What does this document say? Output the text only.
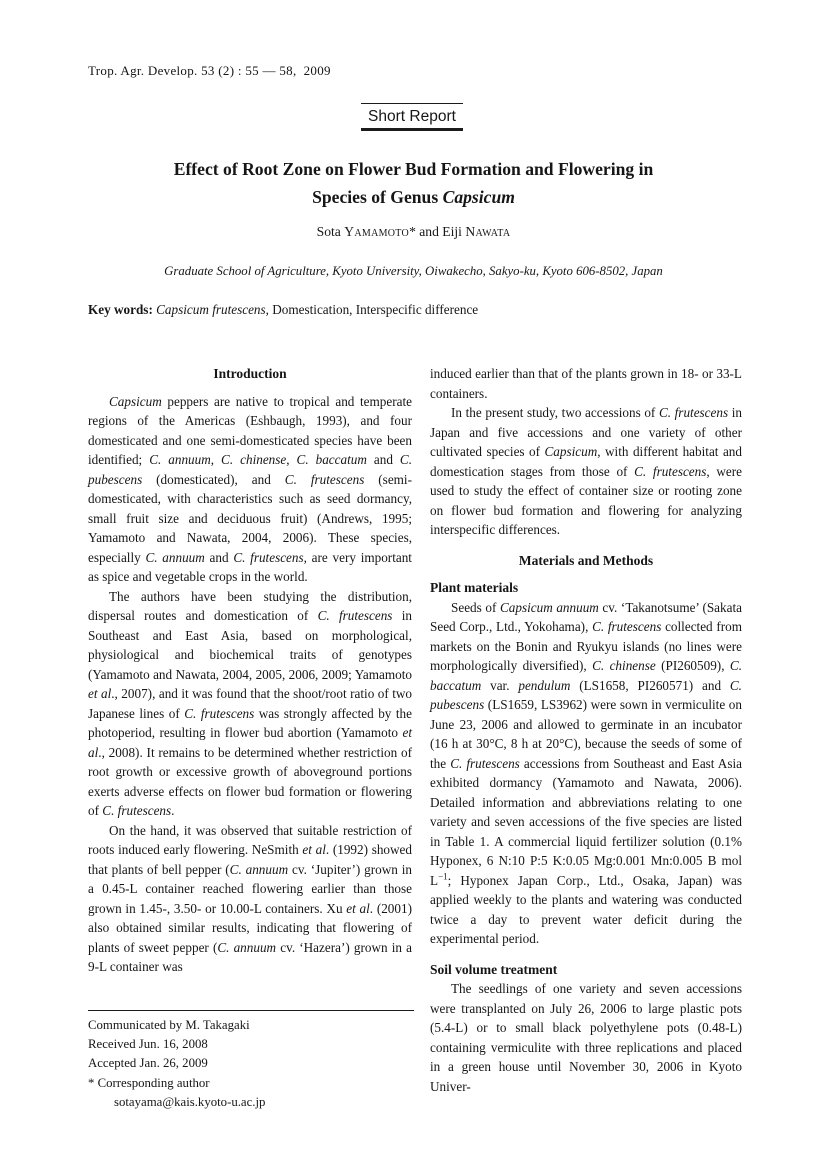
Trop. Agr. Develop. 53 (2) : 55 — 58,  2009
Short Report
Effect of Root Zone on Flower Bud Formation and Flowering in
Species of Genus Capsicum
Sota Yamamoto* and Eiji Nawata
Graduate School of Agriculture, Kyoto University, Oiwakecho, Sakyo-ku, Kyoto 606-8502, Japan
Key words: Capsicum frutescens, Domestication, Interspecific difference
Introduction

Capsicum peppers are native to tropical and temperate regions of the Americas (Eshbaugh, 1993), and four domesticated and one semi-domesticated species have been identified; C. annuum, C. chinense, C. baccatum and C. pubescens (domesticated), and C. frutescens (semi-domesticated, with characteristics such as seed dormancy, small fruit size and deciduous fruit) (Andrews, 1995; Yamamoto and Nawata, 2004, 2006). These species, especially C. annuum and C. frutescens, are very important as spice and vegetable crops in the world.

The authors have been studying the distribution, dispersal routes and domestication of C. frutescens in Southeast and East Asia, based on morphological, physiological and biochemical traits of genotypes (Yamamoto and Nawata, 2004, 2005, 2006, 2009; Yamamoto et al., 2007), and it was found that the shoot/root ratio of two Japanese lines of C. frutescens was strongly affected by the photoperiod, resulting in flower bud abortion (Yamamoto et al., 2008). It remains to be determined whether restriction of root growth or excessive growth of aboveground portions exerts adverse effects on flower bud formation or flowering of C. frutescens.

On the hand, it was observed that suitable restriction of roots induced early flowering. NeSmith et al. (1992) showed that plants of bell pepper (C. annuum cv. ‘Jupiter’) grown in a 0.45-L container reached flowering earlier than those grown in 1.45-, 3.50- or 10.00-L containers. Xu et al. (2001) also obtained similar results, indicating that flowering of plants of sweet pepper (C. annuum cv. ‘Hazera’) grown in a 9-L container was

induced earlier than that of the plants grown in 18- or 33-L containers.

In the present study, two accessions of C. frutescens in Japan and five accessions and one variety of other cultivated species of Capsicum, with different habitat and domestication stages from those of C. frutescens, were used to study the effect of container size or rooting zone on flower bud formation and flowering for analyzing interspecific differences.

Materials and Methods
Plant materials

Seeds of Capsicum annuum cv. ‘Takanotsume’ (Sakata Seed Corp., Ltd., Yokohama), C. frutescens collected from markets on the Bonin and Ryukyu islands (no lines were morphologically diversified), C. chinense (PI260509), C. baccatum var. pendulum (LS1658, PI260571) and C. pubescens (LS1659, LS3962) were sown in vermiculite on June 23, 2006 and allowed to germinate in an incubator (16 h at 30°C, 8 h at 20°C), because the seeds of some of the C. frutescens accessions from Southeast and East Asia exhibited dormancy (Yamamoto and Nawata, 2006). Detailed information and abbreviations relating to one variety and seven accessions of the five species are listed in Table 1. A commercial liquid fertilizer solution (0.1% Hyponex, 6 N:10 P:5 K:0.05 Mg:0.001 Mn:0.005 B mol $L^{-1}$; Hyponex Japan Corp., Ltd., Osaka, Japan) was applied weekly to the plants and watering was conducted twice a day to prevent water deficit during the experimental period.

Soil volume treatment

The seedlings of one variety and seven accessions were transplanted on July 26, 2006 to large plastic pots (5.4-L) or to small black polyethylene pots (0.48-L) containing vermiculite with three replications and placed in a green house until November 30, 2006 in Kyoto Univer-

Communicated by M. Takagaki
Received Jun. 16, 2008
Accepted Jan. 26, 2009
* Corresponding author
sotayama@kais.kyoto-u.ac.jp
